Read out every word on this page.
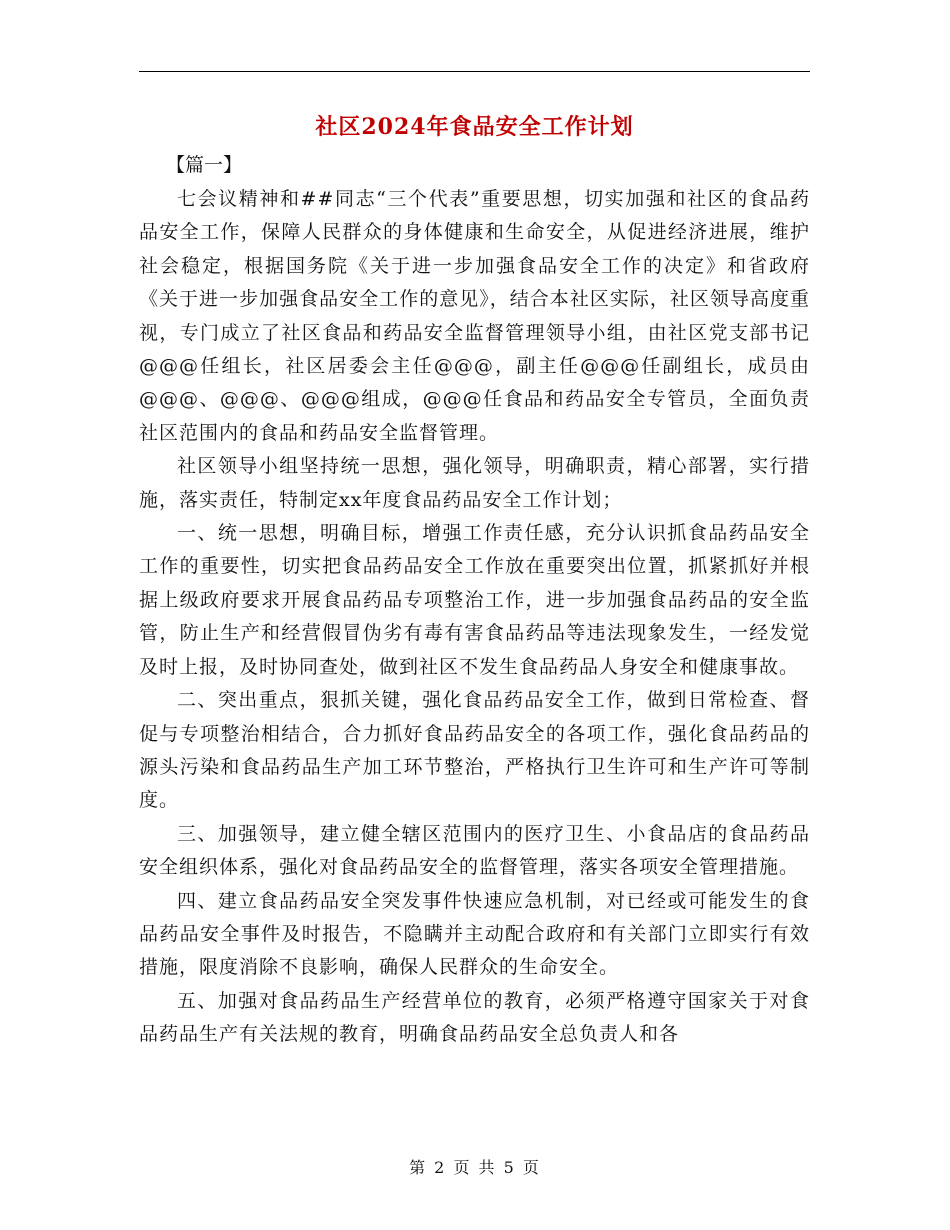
社区2024年食品安全工作计划

【篇一】

七会议精神和##同志“三个代表”重要思想，切实加强和社区的食品药品安全工作，保障人民群众的身体健康和生命安全，从促进经济进展，维护社会稳定，根据国务院《关于进一步加强食品安全工作的决定》和省政府《关于进一步加强食品安全工作的意见》，结合本社区实际，社区领导高度重视，专门成立了社区食品和药品安全监督管理领导小组，由社区党支部书记@@@任组长，社区居委会主任@@@，副主任@@@任副组长，成员由@@@、@@@、@@@组成，@@@任食品和药品安全专管员，全面负责社区范围内的食品和药品安全监督管理。

社区领导小组坚持统一思想，强化领导，明确职责，精心部署，实行措施，落实责任，特制定xx年度食品药品安全工作计划；

一、统一思想，明确目标，增强工作责任感，充分认识抓食品药品安全工作的重要性，切实把食品药品安全工作放在重要突出位置，抓紧抓好并根据上级政府要求开展食品药品专项整治工作，进一步加强食品药品的安全监管，防止生产和经营假冒伪劣有毒有害食品药品等违法现象发生，一经发觉及时上报，及时协同查处，做到社区不发生食品药品人身安全和健康事故。

二、突出重点，狠抓关键，强化食品药品安全工作，做到日常检查、督促与专项整治相结合，合力抓好食品药品安全的各项工作，强化食品药品的源头污染和食品药品生产加工环节整治，严格执行卫生许可和生产许可等制度。

三、加强领导，建立健全辖区范围内的医疗卫生、小食品店的食品药品安全组织体系，强化对食品药品安全的监督管理，落实各项安全管理措施。

四、建立食品药品安全突发事件快速应急机制，对已经或可能发生的食品药品安全事件及时报告，不隐瞒并主动配合政府和有关部门立即实行有效措施，限度消除不良影响，确保人民群众的生命安全。

五、加强对食品药品生产经营单位的教育，必须严格遵守国家关于对食品药品生产有关法规的教育，明确食品药品安全总负责人和各

第 2 页 共 5 页
